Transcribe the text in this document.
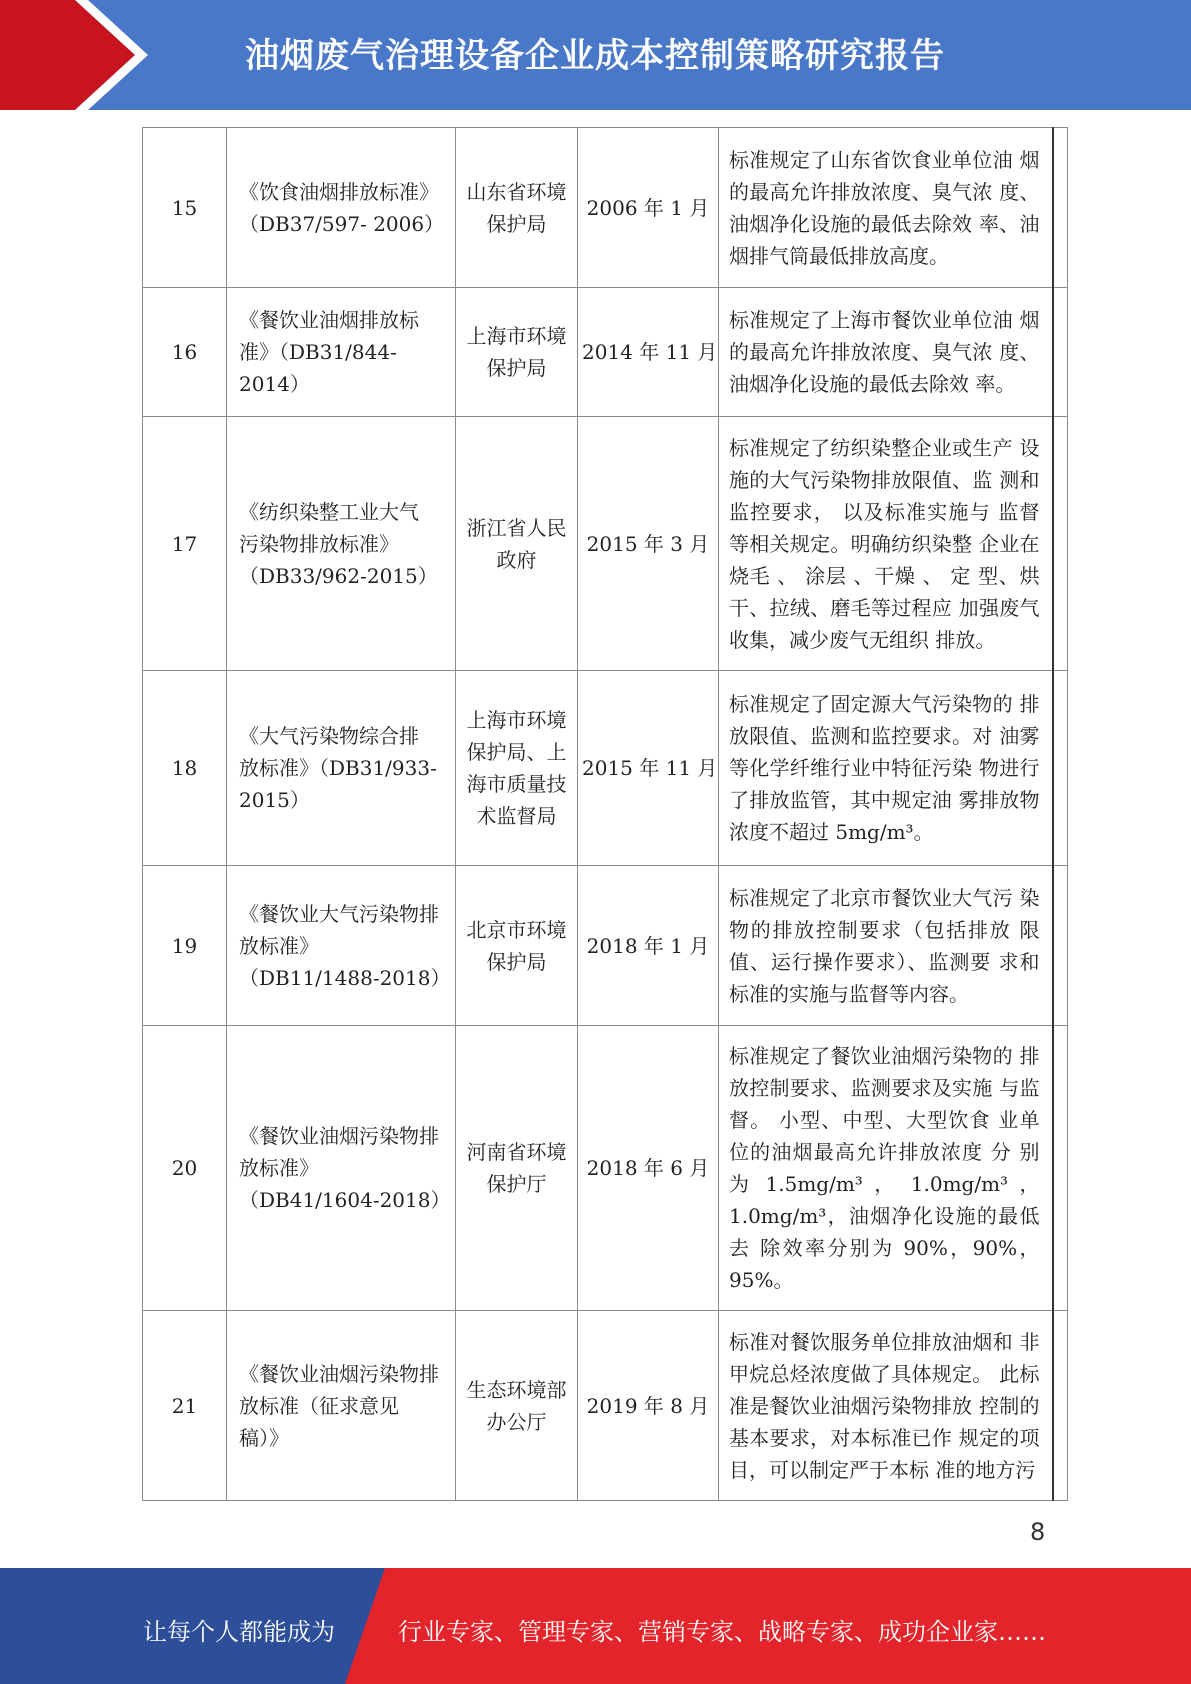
油烟废气治理设备企业成本控制策略研究报告
15	《饮食油烟排放标准》（DB37/597- 2006）	山东省环境保护局	2006 年 1 月	标准规定了山东省饮食业单位油 烟的最高允许排放浓度、臭气浓 度、油烟净化设施的最低去除效 率、油烟排气筒最低排放高度。	
16	《餐饮业油烟排放标准》（DB31/844- 2014）	上海市环境保护局	2014 年 11 月	标准规定了上海市餐饮业单位油 烟的最高允许排放浓度、臭气浓 度、油烟净化设施的最低去除效 率。	
17	《纺织染整工业大气 污染物排放标准》（DB33/962-2015）	浙江省人民政府	2015 年 3 月	标准规定了纺织染整企业或生产 设施的大气污染物排放限值、监 测和监控要求， 以及标准实施与 监督等相关规定。明确纺织染整 企业在烧毛 、 涂层 、干燥 、 定 型、烘干、拉绒、磨毛等过程应 加强废气收集，减少废气无组织 排放。	
18	《大气污染物综合排 放标准》（DB31/933- 2015）	上海市环境保护局、上海市质量技术监督局	2015 年 11 月	标准规定了固定源大气污染物的 排放限值、监测和监控要求。对 油雾等化学纤维行业中特征污染 物进行了排放监管，其中规定油 雾排放物浓度不超过 5mg/m³。	
19	《餐饮业大气污染物排放标准》（DB11/1488-2018）	北京市环境保护局	2018 年 1 月	标准规定了北京市餐饮业大气污 染物的排放控制要求（包括排放 限值、运行操作要求）、监测要 求和标准的实施与监督等内容。	
20	《餐饮业油烟污染物排放标准》（DB41/1604-2018）	河南省环境保护厅	2018 年 6 月	标准规定了餐饮业油烟污染物的 排放控制要求、监测要求及实施 与监督。 小型、中型、大型饮食 业单位的油烟最高允许排放浓度 分 别 为 1.5mg/m³ ， 1.0mg/m³ ， 1.0mg/m³，油烟净化设施的最低去 除效率分别为 90%，90%，95%。	
21	《餐饮业油烟污染物排放标准（征求意见 稿）》	生态环境部办公厅	2019 年 8 月	标准对餐饮服务单位排放油烟和 非甲烷总烃浓度做了具体规定。 此标准是餐饮业油烟污染物排放 控制的基本要求，对本标准已作 规定的项目，可以制定严于本标 准的地方污	
8
让每个人都能成为	行业专家、管理专家、营销专家、战略专家、成功企业家……
